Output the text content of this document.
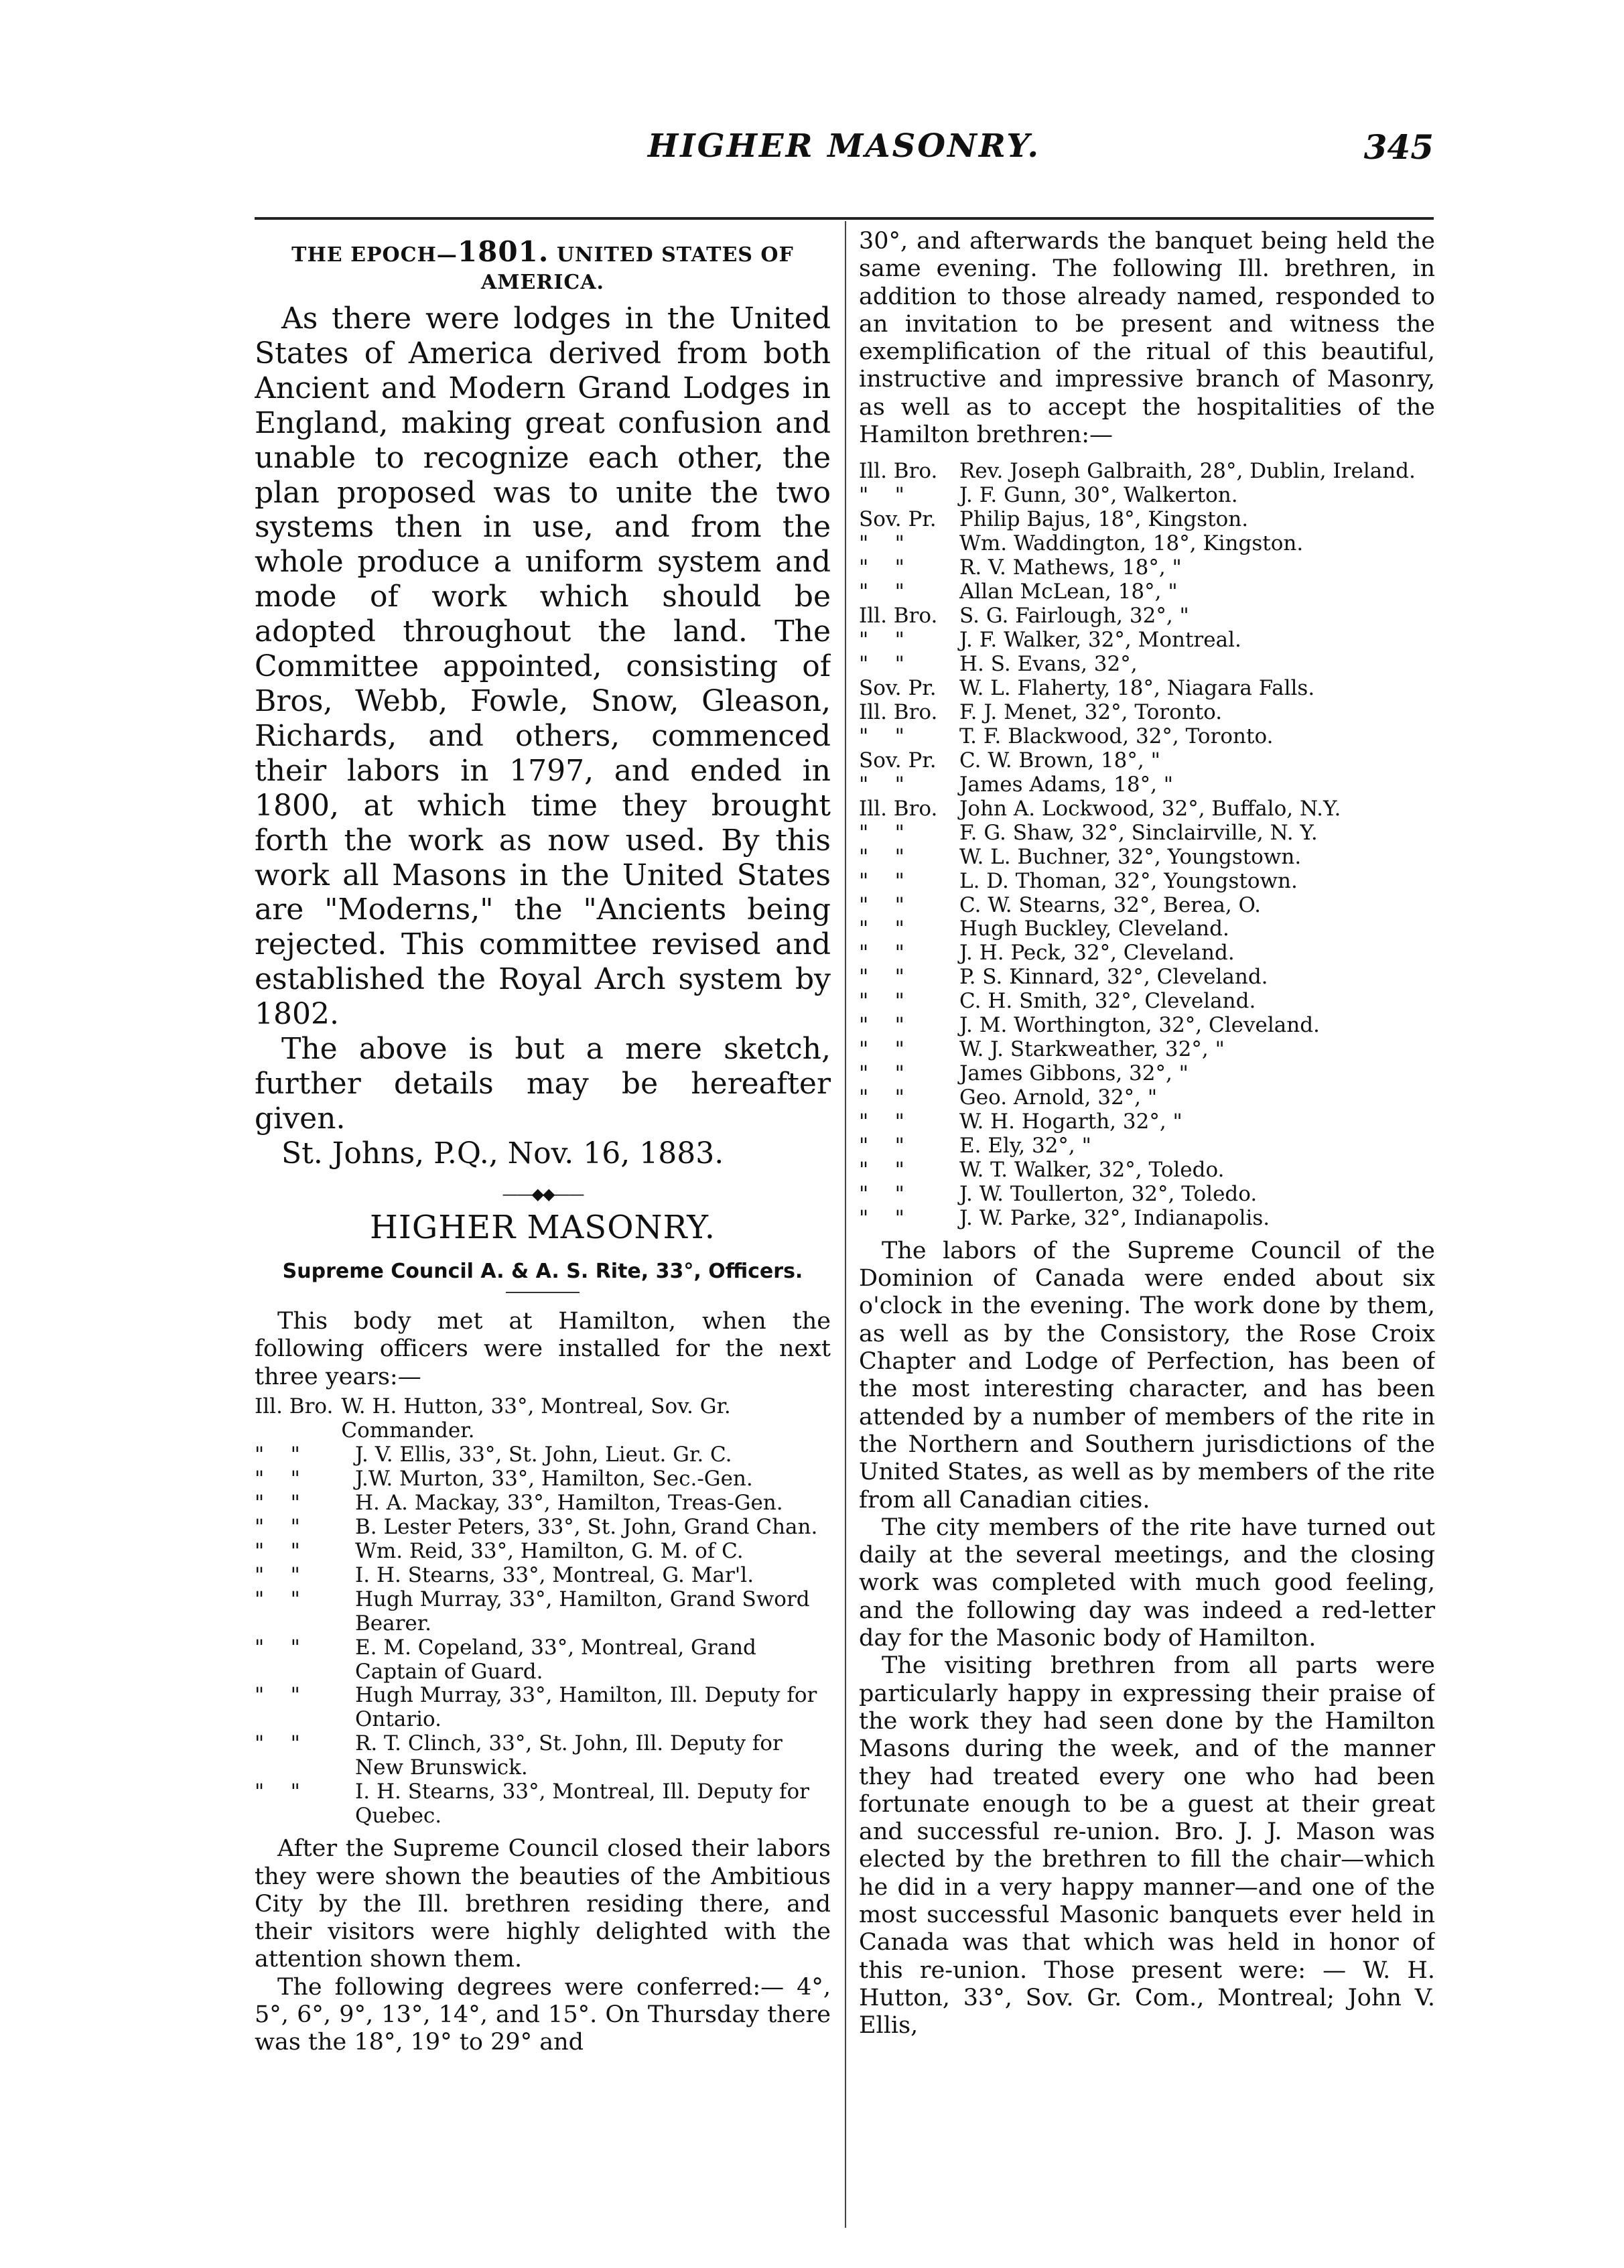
HIGHER MASONRY.	345
THE EPOCH—1801. UNITED STATES OF AMERICA.

As there were lodges in the United States of America derived from both Ancient and Modern Grand Lodges in England, making great confusion and unable to recognize each other, the plan proposed was to unite the two systems then in use, and from the whole produce a uniform system and mode of work which should be adopted throughout the land. The Committee appointed, consisting of Bros, Webb, Fowle, Snow, Gleason, Richards, and others, commenced their labors in 1797, and ended in 1800, at which time they brought forth the work as now used. By this work all Masons in the United States are "Moderns," the "Ancients being rejected. This committee revised and established the Royal Arch system by 1802.

The above is but a mere sketch, further details may be hereafter given.

St. Johns, P.Q., Nov. 16, 1883.

——◆◆——
HIGHER MASONRY.
Supreme Council A. & A. S. Rite, 33°, Officers.

This body met at Hamilton, when the following officers were installed for the next three years:—

Ill. Bro. W. H. Hutton, 33°, Montreal, Sov. Gr. Commander.
"    "	J. V. Ellis, 33°, St. John, Lieut. Gr. C.
"    "	J.W. Murton, 33°, Hamilton, Sec.-Gen.
"    "	H. A. Mackay, 33°, Hamilton, Treas-Gen.
"    "	B. Lester Peters, 33°, St. John, Grand Chan.
"    "	Wm. Reid, 33°, Hamilton, G. M. of C.
"    "	I. H. Stearns, 33°, Montreal, G. Mar'l.
"    "	Hugh Murray, 33°, Hamilton, Grand Sword Bearer.
"    "	E. M. Copeland, 33°, Montreal, Grand Captain of Guard.
"    "	Hugh Murray, 33°, Hamilton, Ill. Deputy for Ontario.
"    "	R. T. Clinch, 33°, St. John, Ill. Deputy for New Brunswick.
"    "	I. H. Stearns, 33°, Montreal, Ill. Deputy for Quebec.

After the Supreme Council closed their labors they were shown the beauties of the Ambitious City by the Ill. brethren residing there, and their visitors were highly delighted with the attention shown them.

The following degrees were conferred:— 4°, 5°, 6°, 9°, 13°, 14°, and 15°. On Thursday there was the 18°, 19° to 29° and

30°, and afterwards the banquet being held the same evening. The following Ill. brethren, in addition to those already named, responded to an invitation to be present and witness the exemplification of the ritual of this beautiful, instructive and impressive branch of Masonry, as well as to accept the hospitalities of the Hamilton brethren:—

Ill. Bro.	Rev. Joseph Galbraith, 28°, Dublin, Ireland.
"    "	J. F. Gunn, 30°, Walkerton.
Sov. Pr.	Philip Bajus, 18°, Kingston.
"    "	Wm. Waddington, 18°, Kingston.
"    "	R. V. Mathews, 18°, "
"    "	Allan McLean, 18°, "
Ill. Bro.	S. G. Fairlough, 32°, "
"    "	J. F. Walker, 32°, Montreal.
"    "	H. S. Evans, 32°,
Sov. Pr.	W. L. Flaherty, 18°, Niagara Falls.
Ill. Bro.	F. J. Menet, 32°, Toronto.
"    "	T. F. Blackwood, 32°, Toronto.
Sov. Pr.	C. W. Brown, 18°, "
"    "	James Adams, 18°, "
Ill. Bro.	John A. Lockwood, 32°, Buffalo, N.Y.
"    "	F. G. Shaw, 32°, Sinclairville, N. Y.
"    "	W. L. Buchner, 32°, Youngstown.
"    "	L. D. Thoman, 32°, Youngstown.
"    "	C. W. Stearns, 32°, Berea, O.
"    "	Hugh Buckley, Cleveland.
"    "	J. H. Peck, 32°, Cleveland.
"    "	P. S. Kinnard, 32°, Cleveland.
"    "	C. H. Smith, 32°, Cleveland.
"    "	J. M. Worthington, 32°, Cleveland.
"    "	W. J. Starkweather, 32°, "
"    "	James Gibbons, 32°, "
"    "	Geo. Arnold, 32°, "
"    "	W. H. Hogarth, 32°, "
"    "	E. Ely, 32°, "
"    "	W. T. Walker, 32°, Toledo.
"    "	J. W. Toullerton, 32°, Toledo.
"    "	J. W. Parke, 32°, Indianapolis.

The labors of the Supreme Council of the Dominion of Canada were ended about six o'clock in the evening. The work done by them, as well as by the Consistory, the Rose Croix Chapter and Lodge of Perfection, has been of the most interesting character, and has been attended by a number of members of the rite in the Northern and Southern jurisdictions of the United States, as well as by members of the rite from all Canadian cities.

The city members of the rite have turned out daily at the several meetings, and the closing work was completed with much good feeling, and the following day was indeed a red-letter day for the Masonic body of Hamilton.

The visiting brethren from all parts were particularly happy in expressing their praise of the work they had seen done by the Hamilton Masons during the week, and of the manner they had treated every one who had been fortunate enough to be a guest at their great and successful re-union. Bro. J. J. Mason was elected by the brethren to fill the chair—which he did in a very happy manner—and one of the most successful Masonic banquets ever held in Canada was that which was held in honor of this re-union. Those present were: — W. H. Hutton, 33°, Sov. Gr. Com., Montreal; John V. Ellis,
